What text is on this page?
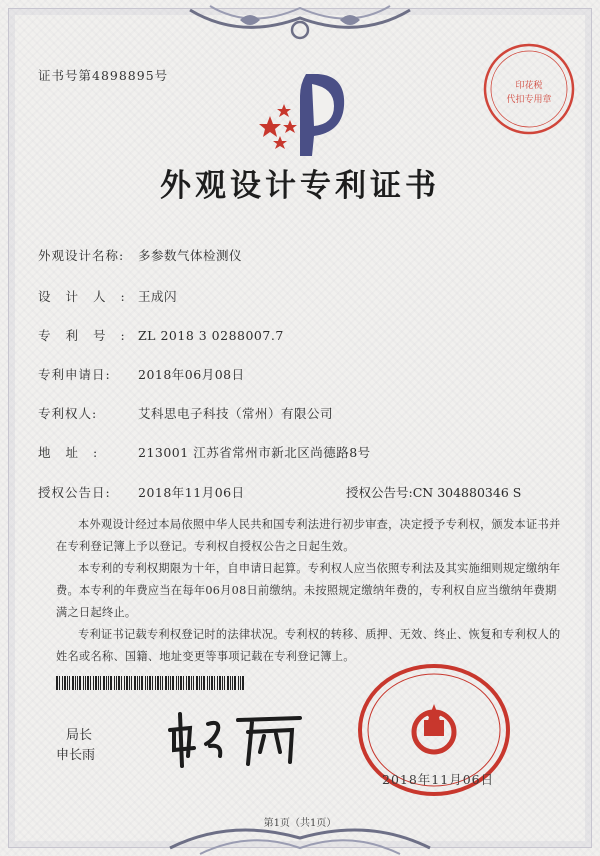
证书号第4898895号
印花税
代扣专用章
外观设计专利证书
外观设计名称: 多参数气体检测仪
设计人:王成闪
专利号:ZL 2018 3 0288007.7
专利申请日: 2018年06月08日
专利权人:	艾科思电子科技（常州）有限公司
地址: 213001 江苏省常州市新北区尚德路8号
授权公告日: 2018年11月06日	授权公告号:CN 304880346 S
本外观设计经过本局依照中华人民共和国专利法进行初步审查，决定授予专利权，颁发本证书并在专利登记簿上予以登记。专利权自授权公告之日起生效。
本专利的专利权期限为十年，自申请日起算。专利权人应当依照专利法及其实施细则规定缴纳年费。本专利的年费应当在每年06月08日前缴纳。未按照规定缴纳年费的，专利权自应当缴纳年费期满之日起终止。
专利证书记载专利权登记时的法律状况。专利权的转移、质押、无效、终止、恢复和专利权人的姓名或名称、国籍、地址变更等事项记载在专利登记簿上。
局长
申长雨
2018年11月06日
第1页（共1页）
